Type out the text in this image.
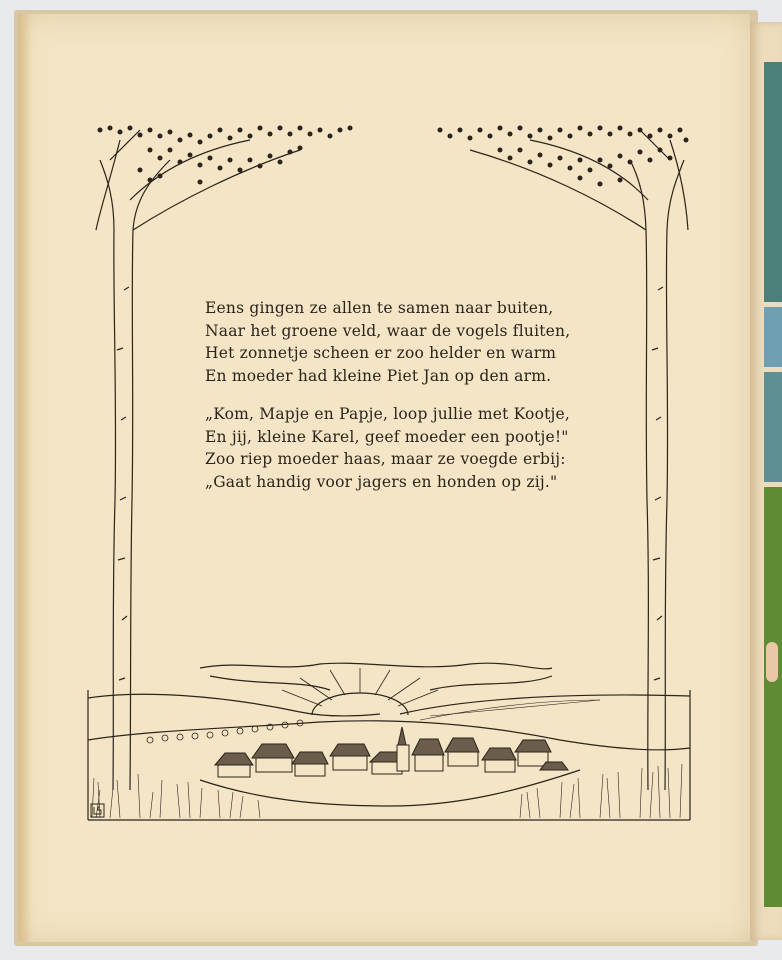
Eens gingen ze allen te samen naar buiten,
Naar het groene veld, waar de vogels fluiten,
Het zonnetje scheen er zoo helder en warm
En moeder had kleine Piet Jan op den arm.
„Kom, Mapje en Papje, loop jullie met Kootje,
En jij, kleine Karel, geef moeder een pootje!"
Zoo riep moeder haas, maar ze voegde erbij:
„Gaat handig voor jagers en honden op zij."
